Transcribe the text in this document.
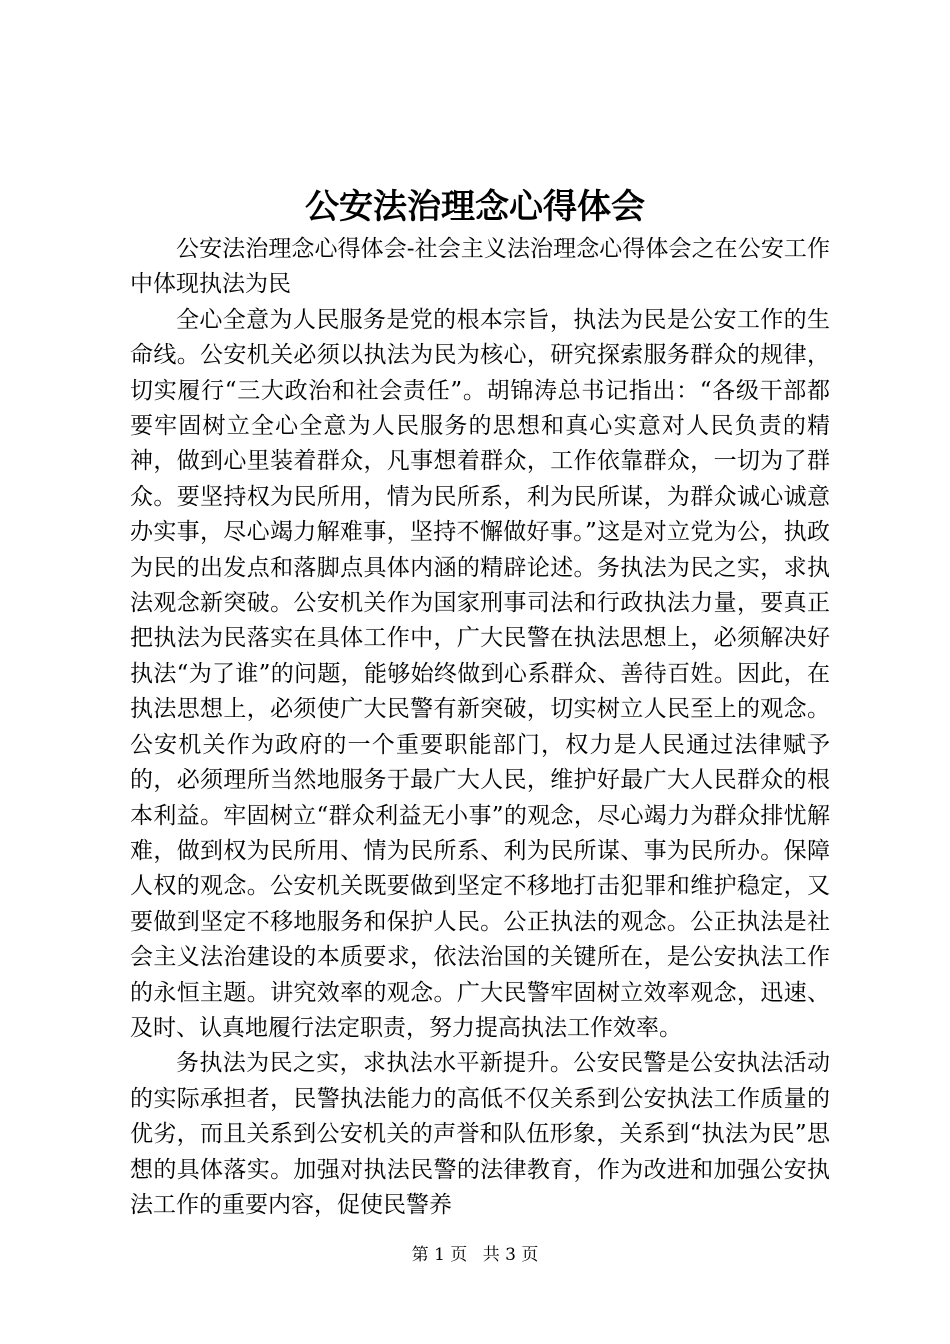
公安法治理念心得体会

公安法治理念心得体会-社会主义法治理念心得体会之在公安工作中体现执法为民

全心全意为人民服务是党的根本宗旨，执法为民是公安工作的生命线。公安机关必须以执法为民为核心，研究探索服务群众的规律，切实履行“三大政治和社会责任”。胡锦涛总书记指出：“各级干部都要牢固树立全心全意为人民服务的思想和真心实意对人民负责的精神，做到心里装着群众，凡事想着群众，工作依靠群众，一切为了群众。要坚持权为民所用，情为民所系，利为民所谋，为群众诚心诚意办实事，尽心竭力解难事，坚持不懈做好事。”这是对立党为公，执政为民的出发点和落脚点具体内涵的精辟论述。务执法为民之实，求执法观念新突破。公安机关作为国家刑事司法和行政执法力量，要真正把执法为民落实在具体工作中，广大民警在执法思想上，必须解决好执法“为了谁”的问题，能够始终做到心系群众、善待百姓。因此，在执法思想上，必须使广大民警有新突破，切实树立人民至上的观念。公安机关作为政府的一个重要职能部门，权力是人民通过法律赋予的，必须理所当然地服务于最广大人民，维护好最广大人民群众的根本利益。牢固树立“群众利益无小事”的观念，尽心竭力为群众排忧解难，做到权为民所用、情为民所系、利为民所谋、事为民所办。保障人权的观念。公安机关既要做到坚定不移地打击犯罪和维护稳定，又要做到坚定不移地服务和保护人民。公正执法的观念。公正执法是社会主义法治建设的本质要求，依法治国的关键所在，是公安执法工作的永恒主题。讲究效率的观念。广大民警牢固树立效率观念，迅速、及时、认真地履行法定职责，努力提高执法工作效率。

务执法为民之实，求执法水平新提升。公安民警是公安执法活动的实际承担者，民警执法能力的高低不仅关系到公安执法工作质量的优劣，而且关系到公安机关的声誉和队伍形象，关系到“执法为民”思想的具体落实。加强对执法民警的法律教育，作为改进和加强公安执法工作的重要内容，促使民警养

第 1 页 共 3 页
